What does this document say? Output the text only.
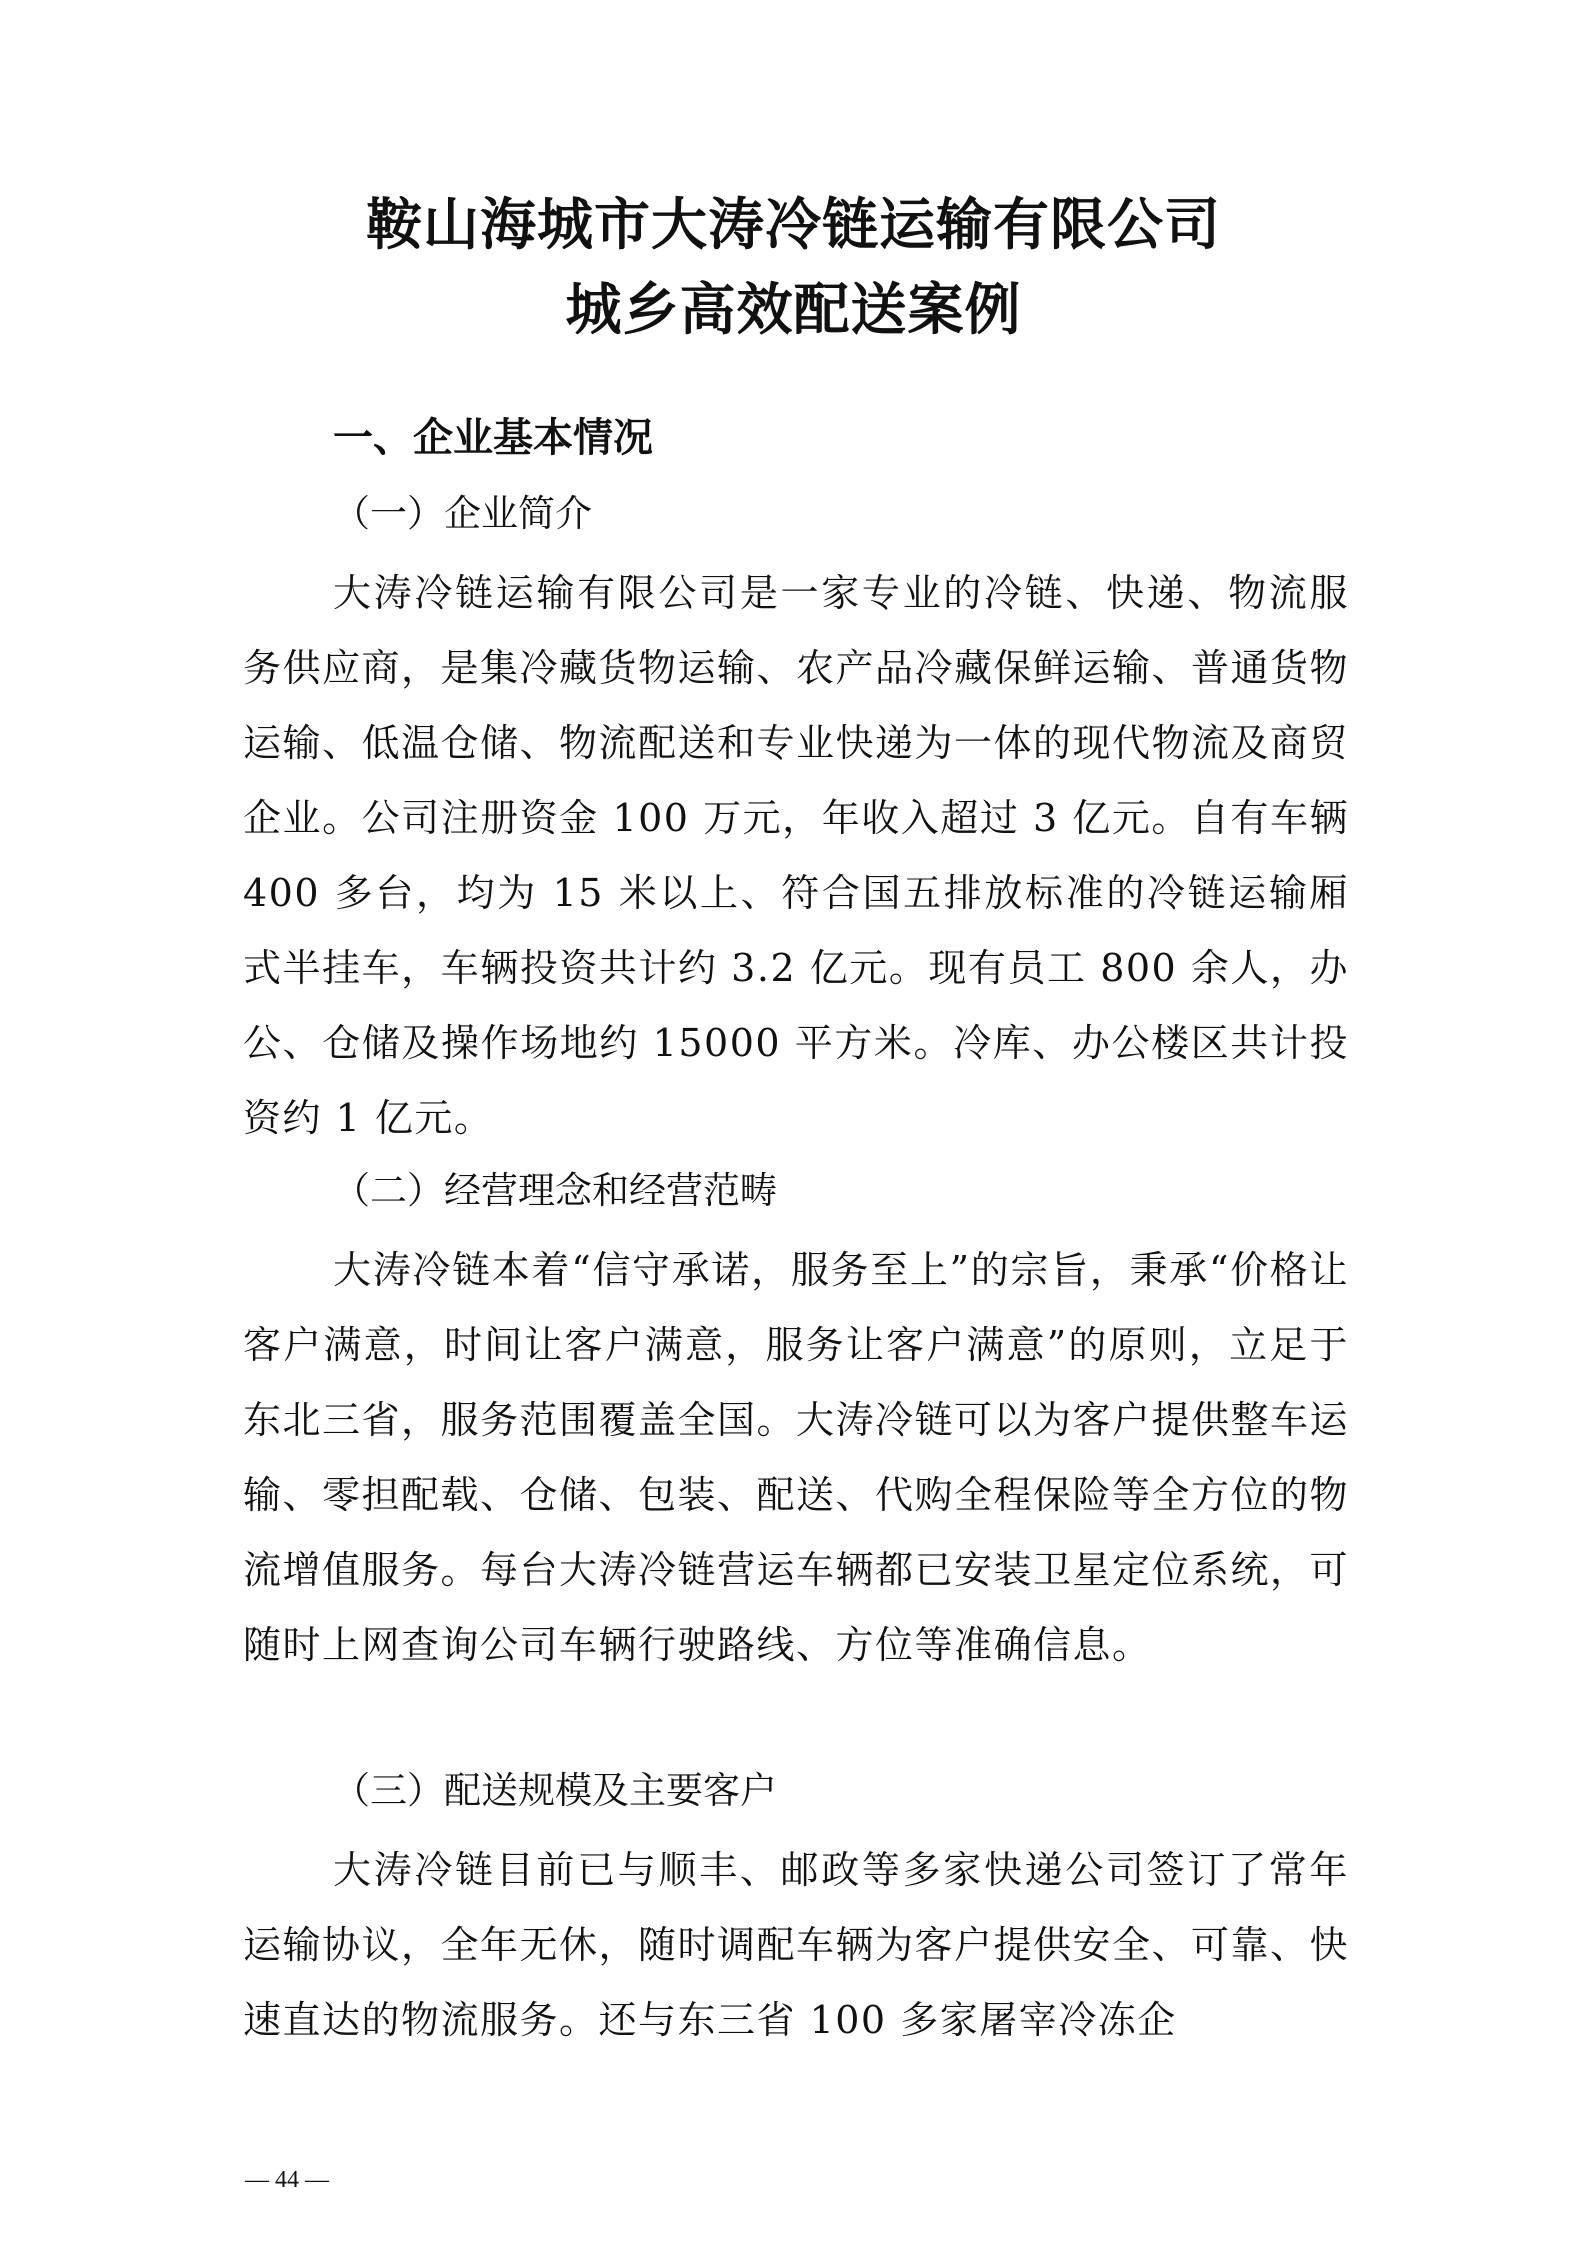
鞍山海城市大涛冷链运输有限公司
城乡高效配送案例
一、企业基本情况
（一）企业简介
大涛冷链运输有限公司是一家专业的冷链、快递、物流服务供应商，是集冷藏货物运输、农产品冷藏保鲜运输、普通货物运输、低温仓储、物流配送和专业快递为一体的现代物流及商贸企业。公司注册资金 100 万元，年收入超过 3 亿元。自有车辆 400 多台，均为 15 米以上、符合国五排放标准的冷链运输厢式半挂车，车辆投资共计约 3.2 亿元。现有员工 800 余人，办公、仓储及操作场地约 15000 平方米。冷库、办公楼区共计投资约 1 亿元。
（二）经营理念和经营范畴
大涛冷链本着“信守承诺，服务至上”的宗旨，秉承“价格让客户满意，时间让客户满意，服务让客户满意”的原则，立足于东北三省，服务范围覆盖全国。大涛冷链可以为客户提供整车运输、零担配载、仓储、包装、配送、代购全程保险等全方位的物流增值服务。每台大涛冷链营运车辆都已安装卫星定位系统，可随时上网查询公司车辆行驶路线、方位等准确信息。
（三）配送规模及主要客户
大涛冷链目前已与顺丰、邮政等多家快递公司签订了常年运输协议，全年无休，随时调配车辆为客户提供安全、可靠、快速直达的物流服务。还与东三省 100 多家屠宰冷冻企
— 44 —
